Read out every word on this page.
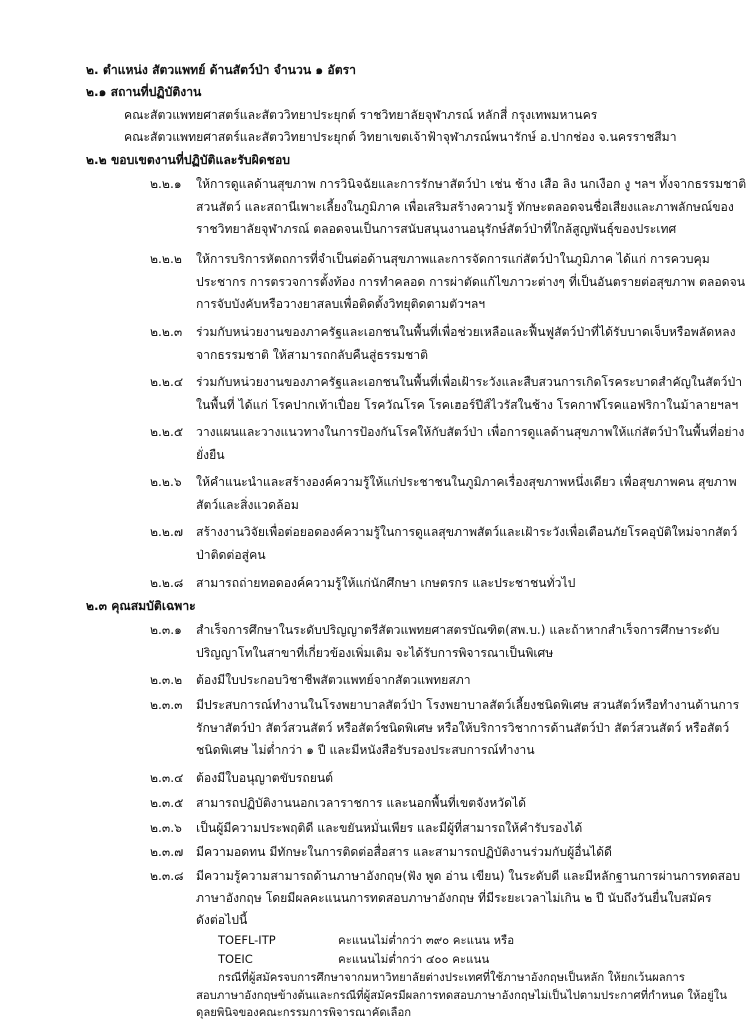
๒. ตำแหน่ง สัตวแพทย์ ด้านสัตว์ป่า จำนวน ๑ อัตรา
๒.๑ สถานที่ปฏิบัติงาน
คณะสัตวแพทยศาสตร์และสัตววิทยาประยุกต์ ราชวิทยาลัยจุฬาภรณ์ หลักสี่ กรุงเทพมหานคร
คณะสัตวแพทยศาสตร์และสัตววิทยาประยุกต์ วิทยาเขตเจ้าฟ้าจุฬาภรณ์พนารักษ์ อ.ปากช่อง จ.นครราชสีมา
๒.๒ ขอบเขตงานที่ปฏิบัติและรับผิดชอบ
๒.๒.๑ ให้การดูแลด้านสุขภาพ การวินิจฉัยและการรักษาสัตว์ป่า เช่น ช้าง เสือ ลิง นกเงือก งู ฯลฯ ทั้งจากธรรมชาติ

สวนสัตว์ และสถานีเพาะเลี้ยงในภูมิภาค เพื่อเสริมสร้างความรู้ ทักษะตลอดจนชื่อเสียงและภาพลักษณ์ของ

ราชวิทยาลัยจุฬาภรณ์ ตลอดจนเป็นการสนับสนุนงานอนุรักษ์สัตว์ป่าที่ใกล้สูญพันธุ์ของประเทศ

๒.๒.๒ ให้การบริการหัตถการที่จำเป็นต่อด้านสุขภาพและการจัดการแก่สัตว์ป่าในภูมิภาค ได้แก่ การควบคุม

ประชากร การตรวจการตั้งท้อง การทำคลอด การผ่าตัดแก้ไขภาวะต่างๆ ที่เป็นอันตรายต่อสุขภาพ ตลอดจน

การจับบังคับหรือวางยาสลบเพื่อติดตั้งวิทยุติดตามตัวฯลฯ

๒.๒.๓ ร่วมกับหน่วยงานของภาครัฐและเอกชนในพื้นที่เพื่อช่วยเหลือและฟื้นฟูสัตว์ป่าที่ได้รับบาดเจ็บหรือพลัดหลง

จากธรรมชาติ ให้สามารถกลับคืนสู่ธรรมชาติ

๒.๒.๔ ร่วมกับหน่วยงานของภาครัฐและเอกชนในพื้นที่เพื่อเฝ้าระวังและสืบสวนการเกิดโรคระบาดสำคัญในสัตว์ป่า

ในพื้นที่ ได้แก่ โรคปากเท้าเปื่อย โรควัณโรค โรคเฮอร์ปีส์ไวรัสในช้าง โรคกาฬโรคแอฟริกาในม้าลายฯลฯ

๒.๒.๕ วางแผนและวางแนวทางในการป้องกันโรคให้กับสัตว์ป่า เพื่อการดูแลด้านสุขภาพให้แก่สัตว์ป่าในพื้นที่อย่าง

ยั่งยืน

๒.๒.๖ ให้คำแนะนำและสร้างองค์ความรู้ให้แก่ประชาชนในภูมิภาคเรื่องสุขภาพหนึ่งเดียว เพื่อสุขภาพคน สุขภาพ

สัตว์และสิ่งแวดล้อม

๒.๒.๗ สร้างงานวิจัยเพื่อต่อยอดองค์ความรู้ในการดูแลสุขภาพสัตว์และเฝ้าระวังเพื่อเตือนภัยโรคอุบัติใหม่จากสัตว์

ป่าติดต่อสู่คน

๒.๒.๘ สามารถถ่ายทอดองค์ความรู้ให้แก่นักศึกษา เกษตรกร และประชาชนทั่วไป

๒.๓ คุณสมบัติเฉพาะ
๒.๓.๑ สำเร็จการศึกษาในระดับปริญญาตรีสัตวแพทยศาสตรบัณฑิต(สพ.บ.) และถ้าหากสำเร็จการศึกษาระดับ

ปริญญาโทในสาขาที่เกี่ยวข้องเพิ่มเติม จะได้รับการพิจารณาเป็นพิเศษ

๒.๓.๒ ต้องมีใบประกอบวิชาชีพสัตวแพทย์จากสัตวแพทยสภา

๒.๓.๓ มีประสบการณ์ทำงานในโรงพยาบาลสัตว์ป่า โรงพยาบาลสัตว์เลี้ยงชนิดพิเศษ สวนสัตว์หรือทำงานด้านการ

รักษาสัตว์ป่า สัตว์สวนสัตว์ หรือสัตว์ชนิดพิเศษ หรือให้บริการวิชาการด้านสัตว์ป่า สัตว์สวนสัตว์ หรือสัตว์

ชนิดพิเศษ ไม่ต่ำกว่า ๑ ปี และมีหนังสือรับรองประสบการณ์ทำงาน

๒.๓.๔ ต้องมีใบอนุญาตขับรถยนต์

๒.๓.๕ สามารถปฏิบัติงานนอกเวลาราชการ และนอกพื้นที่เขตจังหวัดได้

๒.๓.๖ เป็นผู้มีความประพฤติดี และขยันหมั่นเพียร และมีผู้ที่สามารถให้คำรับรองได้

๒.๓.๗ มีความอดทน มีทักษะในการติดต่อสื่อสาร และสามารถปฏิบัติงานร่วมกับผู้อื่นได้ดี

๒.๓.๘ มีความรู้ความสามารถด้านภาษาอังกฤษ(ฟัง พูด อ่าน เขียน) ในระดับดี และมีหลักฐานการผ่านการทดสอบ

ภาษาอังกฤษ โดยมีผลคะแนนการทดสอบภาษาอังกฤษ ที่มีระยะเวลาไม่เกิน ๒ ปี นับถึงวันยื่นใบสมัคร

ดังต่อไปนี้

TOEFL-ITP	คะแนนไม่ต่ำกว่า ๓๙๐ คะแนน หรือ
TOEIC	คะแนนไม่ต่ำกว่า ๔๐๐ คะแนน
กรณีที่ผู้สมัครจบการศึกษาจากมหาวิทยาลัยต่างประเทศที่ใช้ภาษาอังกฤษเป็นหลัก ให้ยกเว้นผลการ
สอบภาษาอังกฤษข้างต้นและกรณีที่ผู้สมัครมีผลการทดสอบภาษาอังกฤษไม่เป็นไปตามประกาศที่กำหนด ให้อยู่ใน
ดุลยพินิจของคณะกรรมการพิจารณาคัดเลือก
